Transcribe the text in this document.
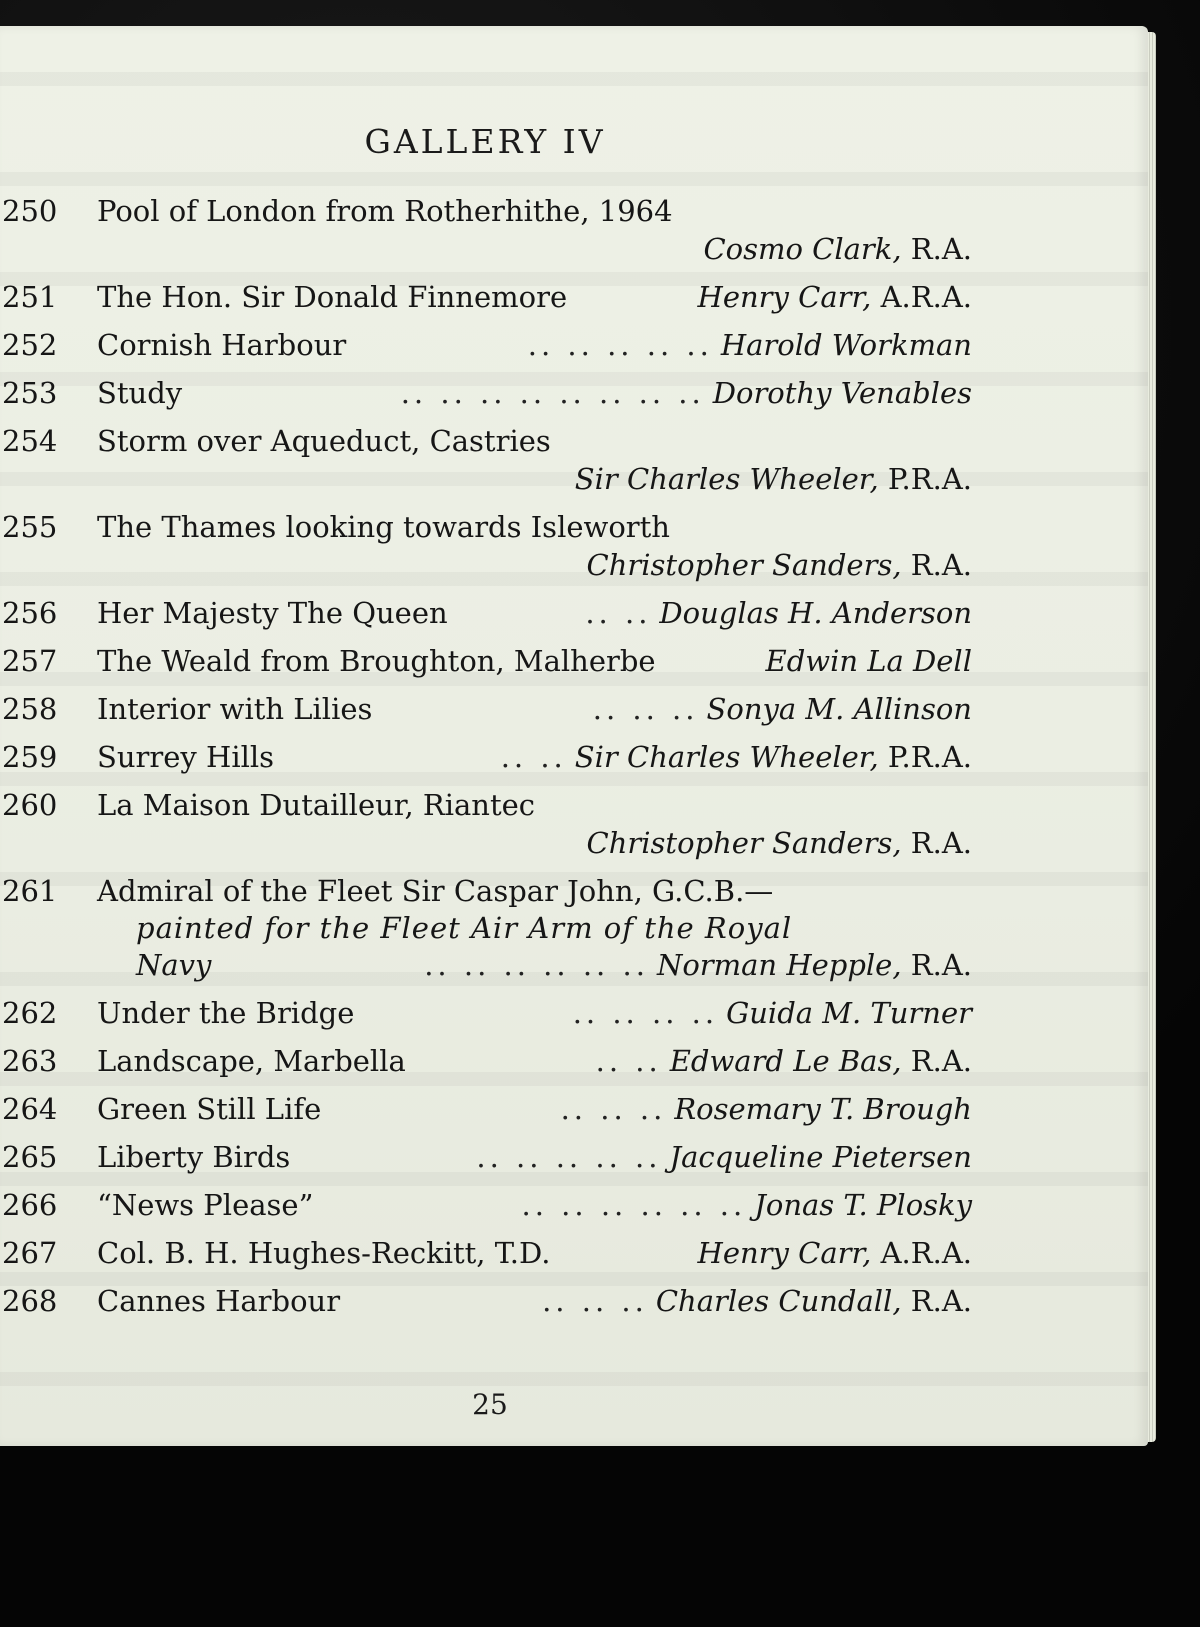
GALLERY IV
250	Pool of London from Rotherhithe, 1964
Cosmo Clark, R.A.
251	The Hon. Sir Donald Finnemore	Henry Carr, A.R.A.
252	Cornish Harbour	.. .. .. .. .. Harold Workman
253	Study	.. .. .. .. .. .. .. .. Dorothy Venables
254	Storm over Aqueduct, Castries
Sir Charles Wheeler, P.R.A.
255	The Thames looking towards Isleworth
Christopher Sanders, R.A.
256	Her Majesty The Queen	.. .. Douglas H. Anderson
257	The Weald from Broughton, Malherbe	Edwin La Dell
258	Interior with Lilies	.. .. .. Sonya M. Allinson
259	Surrey Hills	.. .. Sir Charles Wheeler, P.R.A.
260	La Maison Dutailleur, Riantec
Christopher Sanders, R.A.
261	Admiral of the Fleet Sir Caspar John, G.C.B.—
painted for the Fleet Air Arm of the Royal
Navy	.. .. .. .. .. .. Norman Hepple, R.A.
262	Under the Bridge	.. .. .. .. Guida M. Turner
263	Landscape, Marbella	.. .. Edward Le Bas, R.A.
264	Green Still Life	.. .. .. Rosemary T. Brough
265	Liberty Birds	.. .. .. .. .. Jacqueline Pietersen
266	“News Please”	.. .. .. .. .. .. Jonas T. Plosky
267	Col. B. H. Hughes-Reckitt, T.D.	Henry Carr, A.R.A.
268	Cannes Harbour	.. .. .. Charles Cundall, R.A.
25
